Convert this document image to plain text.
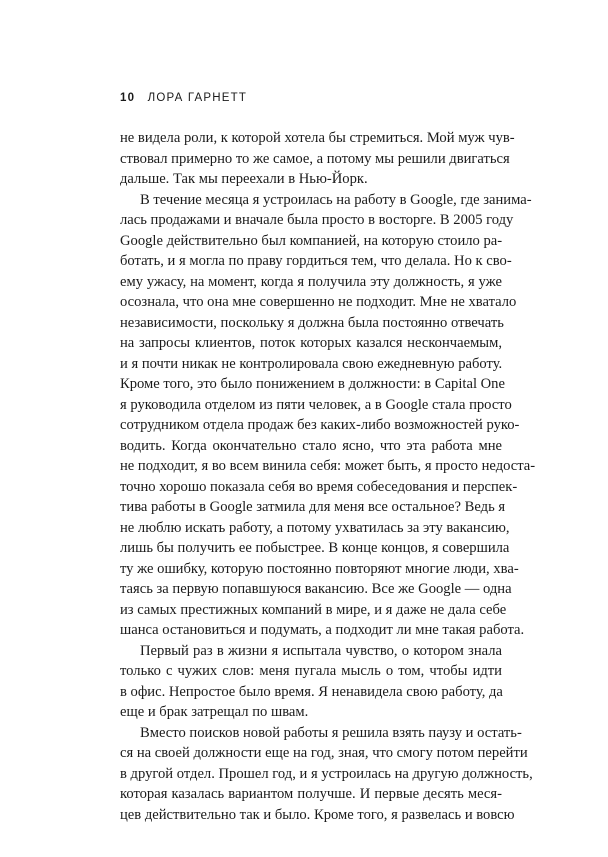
10 ЛОРА ГАРНЕТТ

не видела роли, к которой хотела бы стремиться. Мой муж чув-
ствовал примерно то же самое, а потому мы решили двигаться
дальше. Так мы переехали в Нью-Йорк.

В течение месяца я устроилась на работу в Google, где занима-
лась продажами и вначале была просто в восторге. В 2005 году
Google действительно был компанией, на которую стоило ра-
ботать, и я могла по праву гордиться тем, что делала. Но к сво-
ему ужасу, на момент, когда я получила эту должность, я уже
осознала, что она мне совершенно не подходит. Мне не хватало
независимости, поскольку я должна была постоянно отвечать
на запросы клиентов, поток которых казался нескончаемым,
и я почти никак не контролировала свою ежедневную работу.
Кроме того, это было понижением в должности: в Capital One
я руководила отделом из пяти человек, а в Google стала просто
сотрудником отдела продаж без каких-либо возможностей руко-
водить. Когда окончательно стало ясно, что эта работа мне
не подходит, я во всем винила себя: может быть, я просто недоста-
точно хорошо показала себя во время собеседования и перспек-
тива работы в Google затмила для меня все остальное? Ведь я
не люблю искать работу, а потому ухватилась за эту вакансию,
лишь бы получить ее побыстрее. В конце концов, я совершила
ту же ошибку, которую постоянно повторяют многие люди, хва-
таясь за первую попавшуюся вакансию. Все же Google — одна
из самых престижных компаний в мире, и я даже не дала себе
шанса остановиться и подумать, а подходит ли мне такая работа.

Первый раз в жизни я испытала чувство, о котором знала
только с чужих слов: меня пугала мысль о том, чтобы идти
в офис. Непростое было время. Я ненавидела свою работу, да
еще и брак затрещал по швам.

Вместо поисков новой работы я решила взять паузу и остать-
ся на своей должности еще на год, зная, что смогу потом перейти
в другой отдел. Прошел год, и я устроилась на другую должность,
которая казалась вариантом получше. И первые десять меся-
цев действительно так и было. Кроме того, я развелась и вовсю
